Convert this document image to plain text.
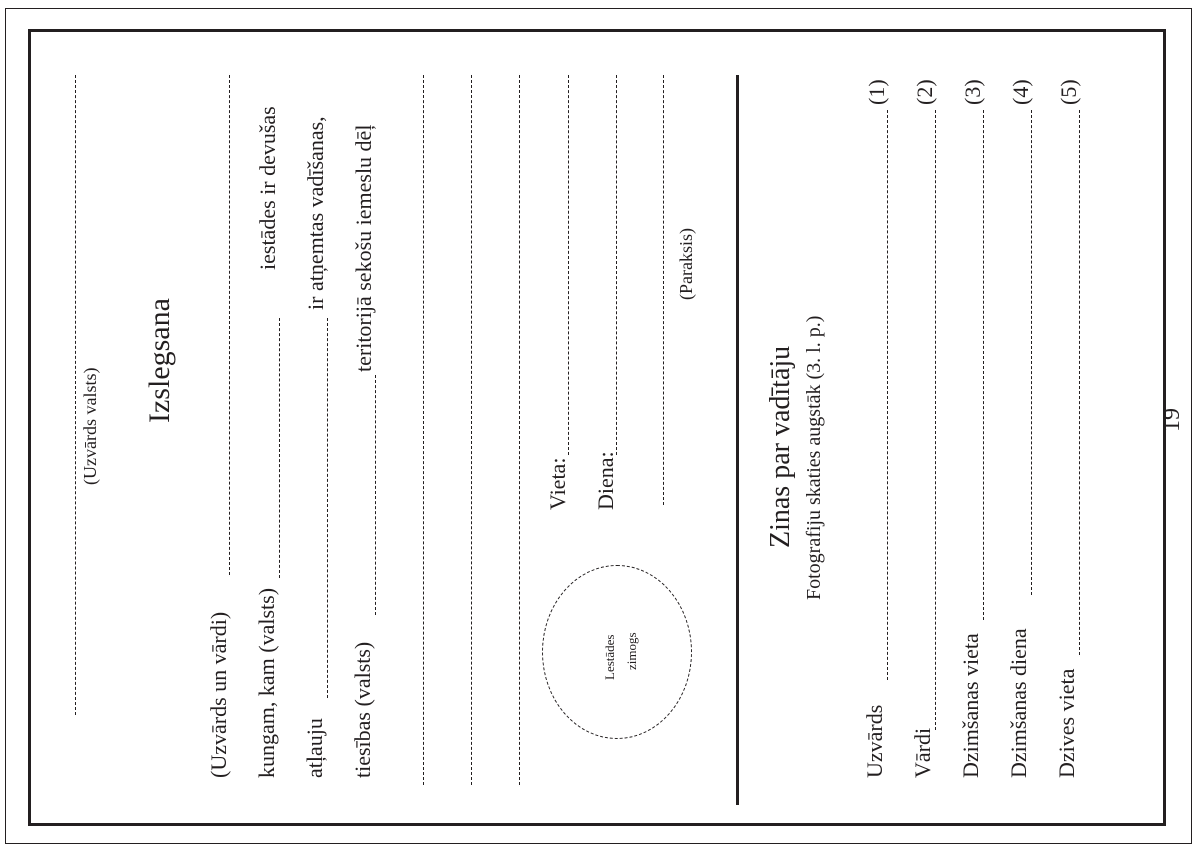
(Uzvārds valsts)
Izslegsana
(Uzvārds un vārdi) kungam, kam (valsts)
iestādes ir devušas
atļauju
ir atņemtas vadīšanas,
tiesības (valsts)
teritorijā sekošu iemeslu dēļ
Lestādes zimogs
Vieta: Diena:
(Paraksis)
Zinas par vadītāju Fotografiju skaties augstāk (3. l. p.)
Uzvārds
(1)
Vārdi
(2)
Dzimšanas vieta
(3)
Dzimšanas diena
(4)
Dzives vieta
(5)
19
